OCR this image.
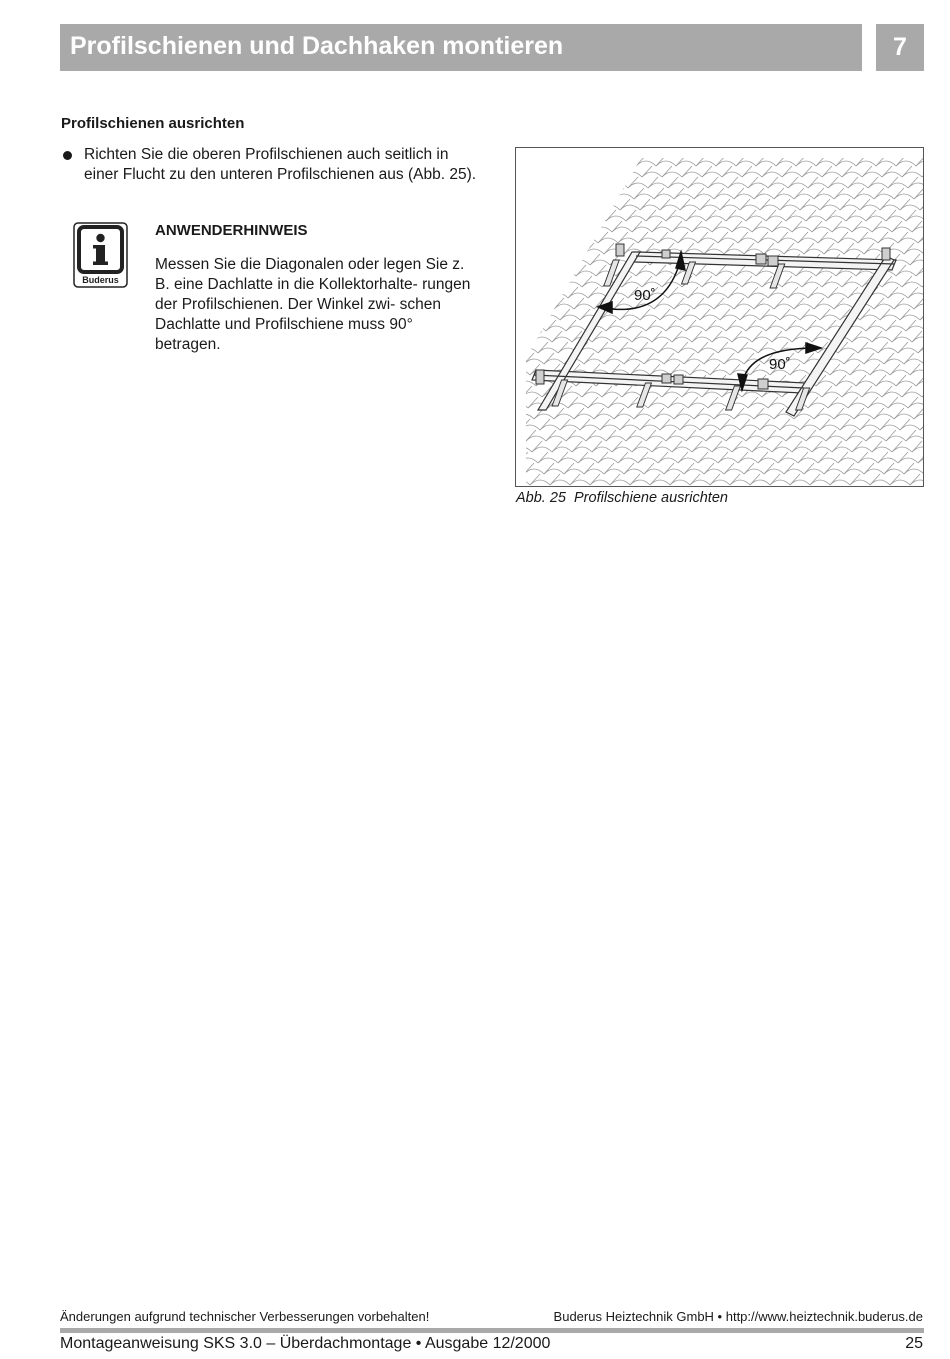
Profilschienen und Dachhaken montieren	7
Profilschienen ausrichten
Richten Sie die oberen Profilschienen auch seitlich in einer Flucht zu den unteren Profilschienen aus (Abb. 25).
Buderus
ANWENDERHINWEIS
Messen Sie die Diagonalen oder legen Sie z. B. eine Dachlatte in die Kollektorhalte- rungen der Profilschienen. Der Winkel zwi- schen Dachlatte und Profilschiene muss 90° betragen.
90˚
90˚
Abb. 25 Profilschiene ausrichten
Änderungen aufgrund technischer Verbesserungen vorbehalten!	Buderus Heiztechnik GmbH • http://www.heiztechnik.buderus.de
Montageanweisung SKS 3.0 – Überdachmontage • Ausgabe 12/2000	25
